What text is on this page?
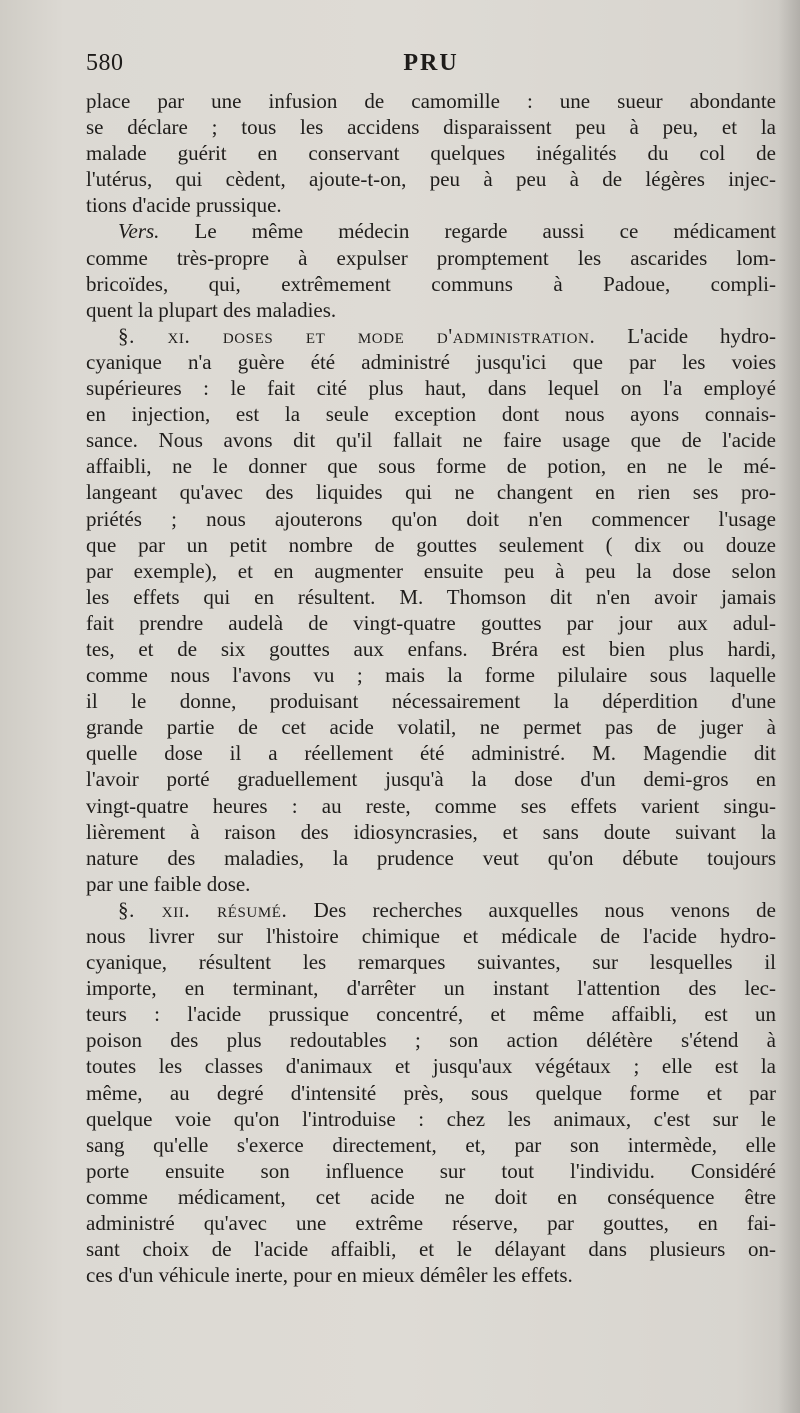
580	PRU
place par une infusion de camomille : une sueur abondante
se déclare ; tous les accidens disparaissent peu à peu, et la
malade guérit en conservant quelques inégalités du col de
l'utérus, qui cèdent, ajoute-t-on, peu à peu à de légères injec-
tions d'acide prussique.
Vers. Le même médecin regarde aussi ce médicament
comme très-propre à expulser promptement les ascarides lom-
bricoïdes, qui, extrêmement communs à Padoue, compli-
quent la plupart des maladies.
§. xi. doses et mode d'administration. L'acide hydro-
cyanique n'a guère été administré jusqu'ici que par les voies
supérieures : le fait cité plus haut, dans lequel on l'a employé
en injection, est la seule exception dont nous ayons connais-
sance. Nous avons dit qu'il fallait ne faire usage que de l'acide
affaibli, ne le donner que sous forme de potion, en ne le mé-
langeant qu'avec des liquides qui ne changent en rien ses pro-
priétés ; nous ajouterons qu'on doit n'en commencer l'usage
que par un petit nombre de gouttes seulement ( dix ou douze
par exemple), et en augmenter ensuite peu à peu la dose selon
les effets qui en résultent. M. Thomson dit n'en avoir jamais
fait prendre audelà de vingt-quatre gouttes par jour aux adul-
tes, et de six gouttes aux enfans. Bréra est bien plus hardi,
comme nous l'avons vu ; mais la forme pilulaire sous laquelle
il le donne, produisant nécessairement la déperdition d'une
grande partie de cet acide volatil, ne permet pas de juger à
quelle dose il a réellement été administré. M. Magendie dit
l'avoir porté graduellement jusqu'à la dose d'un demi-gros en
vingt-quatre heures : au reste, comme ses effets varient singu-
lièrement à raison des idiosyncrasies, et sans doute suivant la
nature des maladies, la prudence veut qu'on débute toujours
par une faible dose.
§. xii. résumé. Des recherches auxquelles nous venons de
nous livrer sur l'histoire chimique et médicale de l'acide hydro-
cyanique, résultent les remarques suivantes, sur lesquelles il
importe, en terminant, d'arrêter un instant l'attention des lec-
teurs : l'acide prussique concentré, et même affaibli, est un
poison des plus redoutables ; son action délétère s'étend à
toutes les classes d'animaux et jusqu'aux végétaux ; elle est la
même, au degré d'intensité près, sous quelque forme et par
quelque voie qu'on l'introduise : chez les animaux, c'est sur le
sang qu'elle s'exerce directement, et, par son intermède, elle
porte ensuite son influence sur tout l'individu. Considéré
comme médicament, cet acide ne doit en conséquence être
administré qu'avec une extrême réserve, par gouttes, en fai-
sant choix de l'acide affaibli, et le délayant dans plusieurs on-
ces d'un véhicule inerte, pour en mieux démêler les effets.
